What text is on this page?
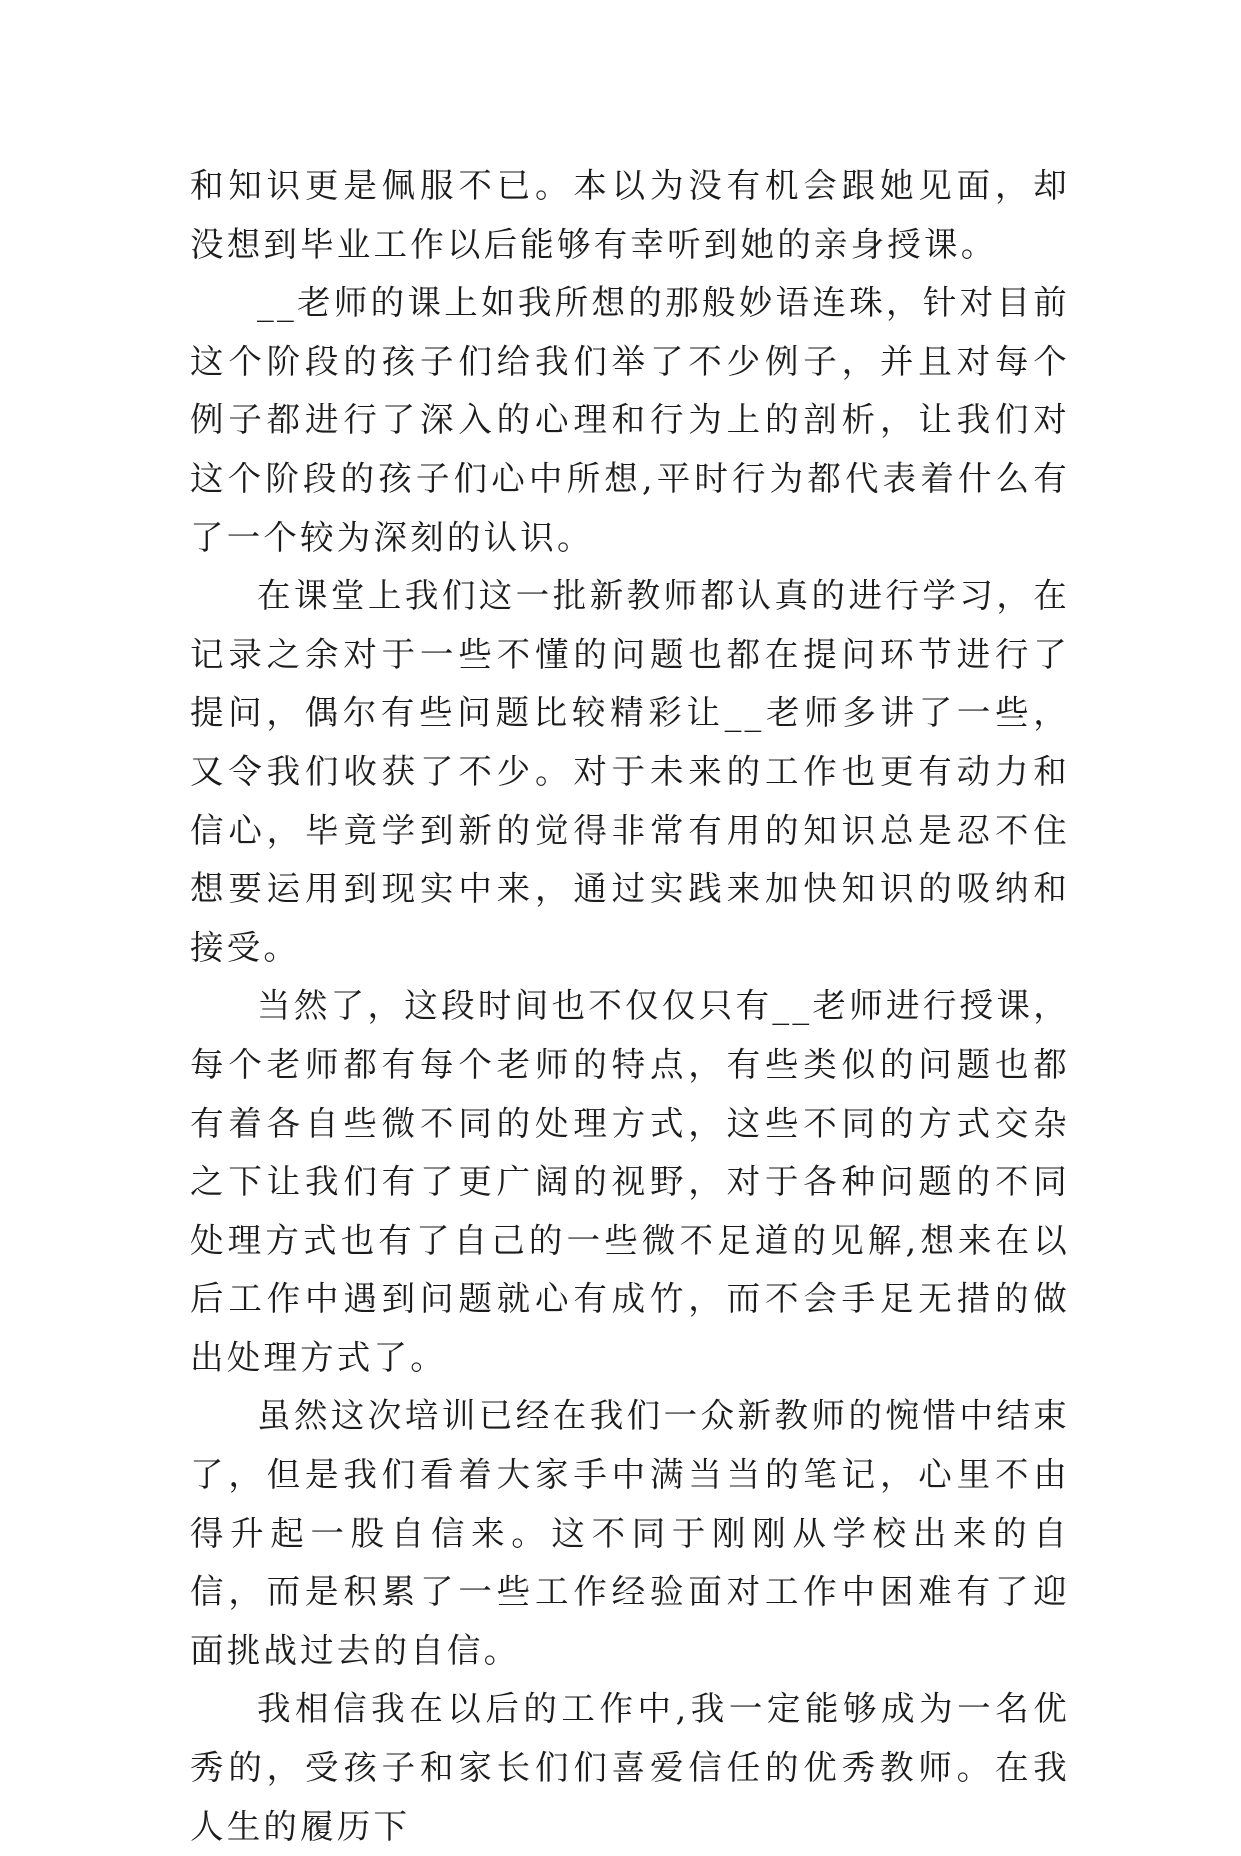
和知识更是佩服不已。本以为没有机会跟她见面，却没想到毕业工作以后能够有幸听到她的亲身授课。

__老师的课上如我所想的那般妙语连珠，针对目前这个阶段的孩子们给我们举了不少例子，并且对每个例子都进行了深入的心理和行为上的剖析，让我们对这个阶段的孩子们心中所想,平时行为都代表着什么有了一个较为深刻的认识。

在课堂上我们这一批新教师都认真的进行学习，在记录之余对于一些不懂的问题也都在提问环节进行了提问，偶尔有些问题比较精彩让__老师多讲了一些，又令我们收获了不少。对于未来的工作也更有动力和信心，毕竟学到新的觉得非常有用的知识总是忍不住想要运用到现实中来，通过实践来加快知识的吸纳和接受。

当然了，这段时间也不仅仅只有__老师进行授课，每个老师都有每个老师的特点，有些类似的问题也都有着各自些微不同的处理方式，这些不同的方式交杂之下让我们有了更广阔的视野，对于各种问题的不同处理方式也有了自己的一些微不足道的见解,想来在以后工作中遇到问题就心有成竹，而不会手足无措的做出处理方式了。

虽然这次培训已经在我们一众新教师的惋惜中结束了，但是我们看着大家手中满当当的笔记，心里不由得升起一股自信来。这不同于刚刚从学校出来的自信，而是积累了一些工作经验面对工作中困难有了迎面挑战过去的自信。

我相信我在以后的工作中,我一定能够成为一名优秀的，受孩子和家长们们喜爱信任的优秀教师。在我人生的履历下
